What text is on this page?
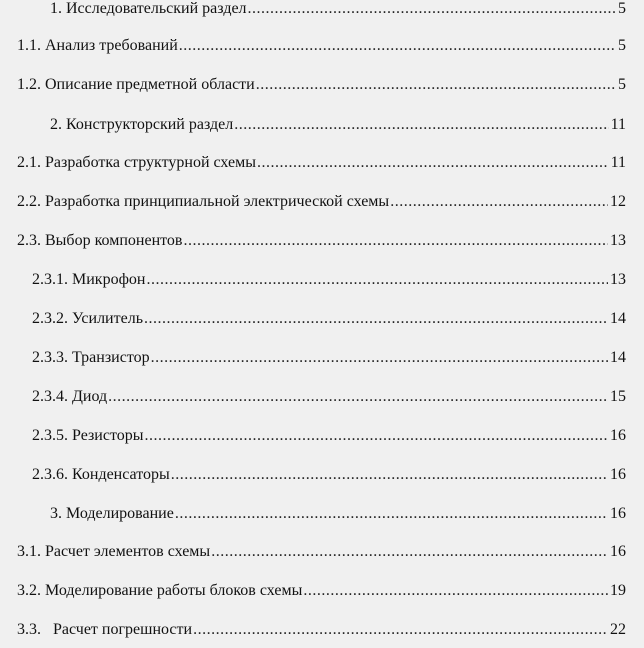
1. Исследовательский раздел .....	5
1.1. Анализ требований .....	5
1.2. Описание предметной области .....	5
2. Конструкторский раздел .....	11
2.1. Разработка структурной схемы .....	11
2.2. Разработка принципиальной электрической схемы .....	12
2.3. Выбор компонентов .....	13
2.3.1. Микрофон .....	13
2.3.2. Усилитель .....	14
2.3.3. Транзистор .....	14
2.3.4. Диод .....	15
2.3.5. Резисторы .....	16
2.3.6. Конденсаторы .....	16
3. Моделирование .....	16
3.1. Расчет элементов схемы .....	16
3.2. Моделирование работы блоков схемы .....	19
3.3.   Расчет погрешности .....	22
